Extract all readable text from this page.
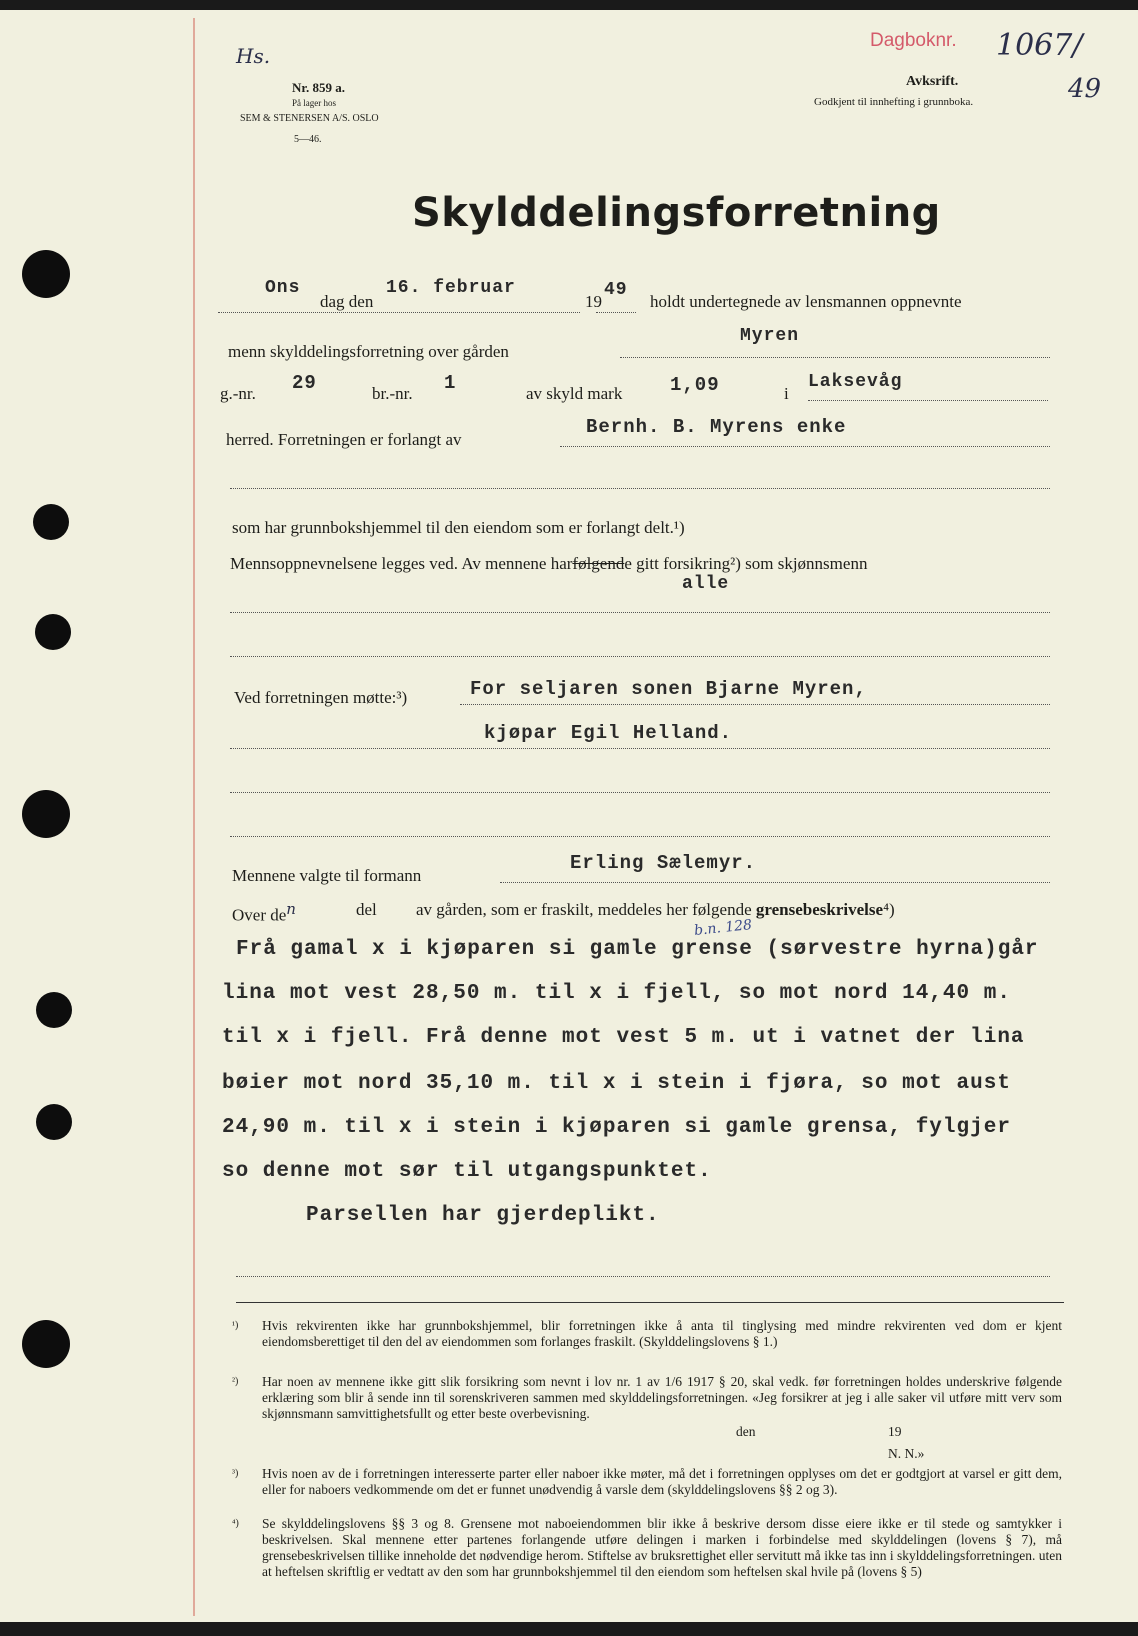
Hs.
Nr. 859 a.
På lager hos
SEM & STENERSEN A/S. OSLO
5—46.
Dagboknr. 1067/
49
Avksrift.
Godkjent til innhefting i grunnboka.
Skylddelingsforretning
Ons
dag den
16. februar
19
49
holdt undertegnede av lensmannen oppnevnte
menn skylddelingsforretning over gården
Myren
g.-nr. 29	br.-nr. 1	av skyld mark	1,09	i
Laksevåg
herred. Forretningen er forlangt av
Bernh. B. Myrens enke
som har grunnbokshjemmel til den eiendom som er forlangt delt.¹)
Mennsoppnevnelsene legges ved. Av mennene harfølgende gitt forsikring²) som skjønnsmenn
alle
Ved forretningen møtte:³)	For seljaren sonen Bjarne Myren,
kjøpar Egil Helland.
Mennene valgte til formann
Erling Sælemyr.
Over $de^n$	del av gården, som er fraskilt, meddeles her følgende grensebeskrivelse⁴)
b.n. 128
Frå gamal x i kjøparen si gamle grense (sørvestre hyrna)går
lina mot vest 28,50 m. til x i fjell, so mot nord 14,40 m.
til x i fjell. Frå denne mot vest 5 m. ut i vatnet der lina
bøier mot nord 35,10 m. til x i stein i fjøra, so mot aust
24,90 m. til x i stein i kjøparen si gamle grensa, fylgjer
so denne mot sør til utgangspunktet.
Parsellen har gjerdeplikt.
¹) Hvis rekvirenten ikke har grunnbokshjemmel, blir forretningen ikke å anta til tinglysing med mindre rekvirenten ved dom er kjent eiendomsberettiget til den del av eiendommen som forlanges fraskilt. (Skylddelingslovens § 1.)
²) Har noen av mennene ikke gitt slik forsikring som nevnt i lov nr. 1 av 1/6 1917 § 20, skal vedk. før forretningen holdes underskrive følgende erklæring som blir å sende inn til sorenskriveren sammen med skylddelingsforretningen. «Jeg forsikrer at jeg i alle saker vil utføre mitt verv som skjønnsmann samvittighetsfullt og etter beste overbevisning.
den	19
N. N.»
³) Hvis noen av de i forretningen interesserte parter eller naboer ikke møter, må det i forretningen opplyses om det er godtgjort at varsel er gitt dem, eller for naboers vedkommende om det er funnet unødvendig å varsle dem (skylddelingslovens §§ 2 og 3).
⁴) Se skylddelingslovens §§ 3 og 8. Grensene mot naboeiendommen blir ikke å beskrive dersom disse eiere ikke er til stede og samtykker i beskrivelsen. Skal mennene etter partenes forlangende utføre delingen i marken i forbindelse med skylddelingen (lovens § 7), må grensebeskrivelsen tillike inneholde det nødvendige herom. Stiftelse av bruksrettighet eller servitutt må ikke tas inn i skylddelingsforretningen. uten at heftelsen skriftlig er vedtatt av den som har grunnbokshjemmel til den eiendom som heftelsen skal hvile på (lovens § 5)
